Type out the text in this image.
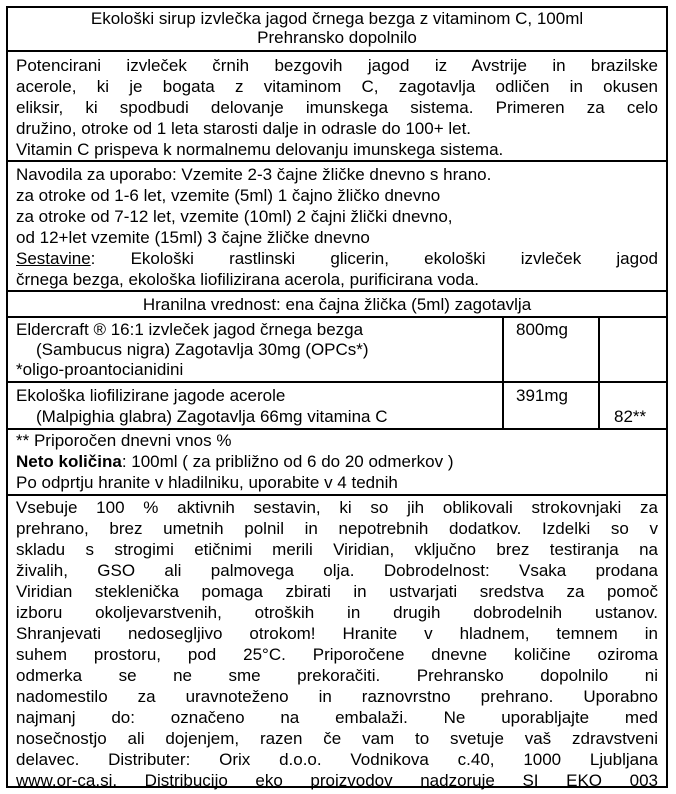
Ekološki sirup izvlečka jagod črnega bezga z vitaminom C, 100ml
Prehransko dopolnilo
Potencirani izvleček črnih bezgovih jagod iz Avstrije in brazilske
acerole, ki je bogata z vitaminom C, zagotavlja odličen in okusen
eliksir, ki spodbudi delovanje imunskega sistema. Primeren za celo
družino, otroke od 1 leta starosti dalje in odrasle do 100+ let.
Vitamin C prispeva k normalnemu delovanju imunskega sistema.
Navodila za uporabo: Vzemite 2-3 čajne žličke dnevno s hrano.
za otroke od 1-6 let, vzemite (5ml) 1 čajno žličko dnevno
za otroke od 7-12 let, vzemite (10ml) 2 čajni žlički dnevno,
od 12+let vzemite (15ml) 3 čajne žličke dnevno
Sestavine: Ekološki rastlinski glicerin, ekološki izvleček jagod
črnega bezga, ekološka liofilizirana acerola, purificirana voda.
Hranilna vrednost: ena čajna žlička (5ml) zagotavlja
Eldercraft ® 16:1 izvleček jagod črnega bezga
(Sambucus nigra) Zagotavlja 30mg (OPCs*)
*oligo-proantocianidini
800mg
Ekološka liofilizirane jagode acerole
(Malpighia glabra) Zagotavlja 66mg vitamina C
391mg
82**
** Priporočen dnevni vnos %
Neto količina: 100ml ( za približno od 6 do 20 odmerkov )
Po odprtju hranite v hladilniku, uporabite v 4 tednih
Vsebuje 100 % aktivnih sestavin, ki so jih oblikovali strokovnjaki za
prehrano, brez umetnih polnil in nepotrebnih dodatkov. Izdelki so v
skladu s strogimi etičnimi merili Viridian, vključno brez testiranja na
živalih, GSO ali palmovega olja. Dobrodelnost: Vsaka prodana
Viridian steklenička pomaga zbirati in ustvarjati sredstva za pomoč
izboru okoljevarstvenih, otroških in drugih dobrodelnih ustanov.
Shranjevati nedosegljivo otrokom! Hranite v hladnem, temnem in
suhem prostoru, pod 25°C. Priporočene dnevne količine oziroma
odmerka se ne sme prekoračiti. Prehransko dopolnilo ni
nadomestilo za uravnoteženo in raznovrstno prehrano. Uporabno
najmanj do: označeno na embalaži. Ne uporabljajte med
nosečnostjo ali dojenjem, razen če vam to svetuje vaš zdravstveni
delavec. Distributer: Orix d.o.o. Vodnikova c.40, 1000 Ljubljana
www.or-ca.si. Distribucijo eko proizvodov nadzoruje SI EKO 003
